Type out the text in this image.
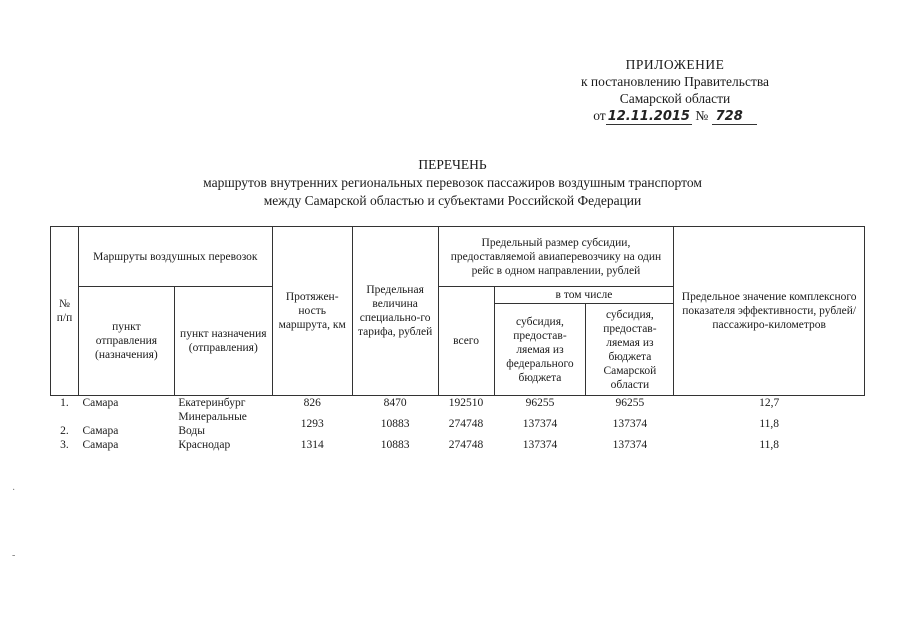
ПРИЛОЖЕНИЕ
к постановлению Правительства
Самарской области
от 12.11.2015 № 728
ПЕРЕЧЕНЬ
маршрутов внутренних региональных перевозок пассажиров воздушным транспортом
между Самарской областью и субъектами Российской Федерации
№ п/п	Маршруты воздушных перевозок		Протяжен-ность маршрута, км	Предельная величина специально-го тарифа, рублей	Предельный размер субсидии, предоставляемой авиаперевозчику на один рейс в одном направлении, рублей			Предельное значение комплексного показателя эффективности, рублей/пассажиро-километров
	пункт отправления (назначения)	пункт назначения (отправления)			всего	в том числе		
						субсидия, предостав-ляемая из федерального бюджета	субсидия, предостав-ляемая из бюджета Самарской области	
1.	Самара	Екатеринбург	826	8470	192510	96255	96255	12,7
2.	Самара	Минеральные Воды	1293	10883	274748	137374	137374	11,8
3.	Самара	Краснодар	1314	10883	274748	137374	137374	11,8
·
-
